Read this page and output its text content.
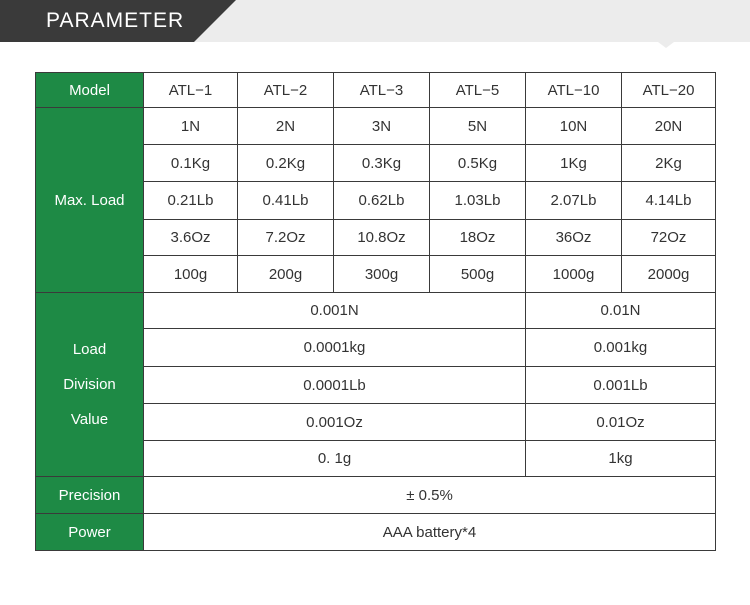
PARAMETER
Model	ATL−1	ATL−2	ATL−3	ATL−5	ATL−10	ATL−20
Max. Load	1N	2N	3N	5N	10N	20N
	0.1Kg	0.2Kg	0.3Kg	0.5Kg	1Kg	2Kg
	0.21Lb	0.41Lb	0.62Lb	1.03Lb	2.07Lb	4.14Lb
	3.6Oz	7.2Oz	10.8Oz	18Oz	36Oz	72Oz
	100g	200g	300g	500g	1000g	2000g

Load
Division
Value	0.001N				0.01N	
	0.0001kg				0.001kg	
	0.0001Lb				0.001Lb	
	0.001Oz				0.01Oz	
	0. 1g				1kg	
Precision	± 0.5%					
Power	AAA battery*4					
